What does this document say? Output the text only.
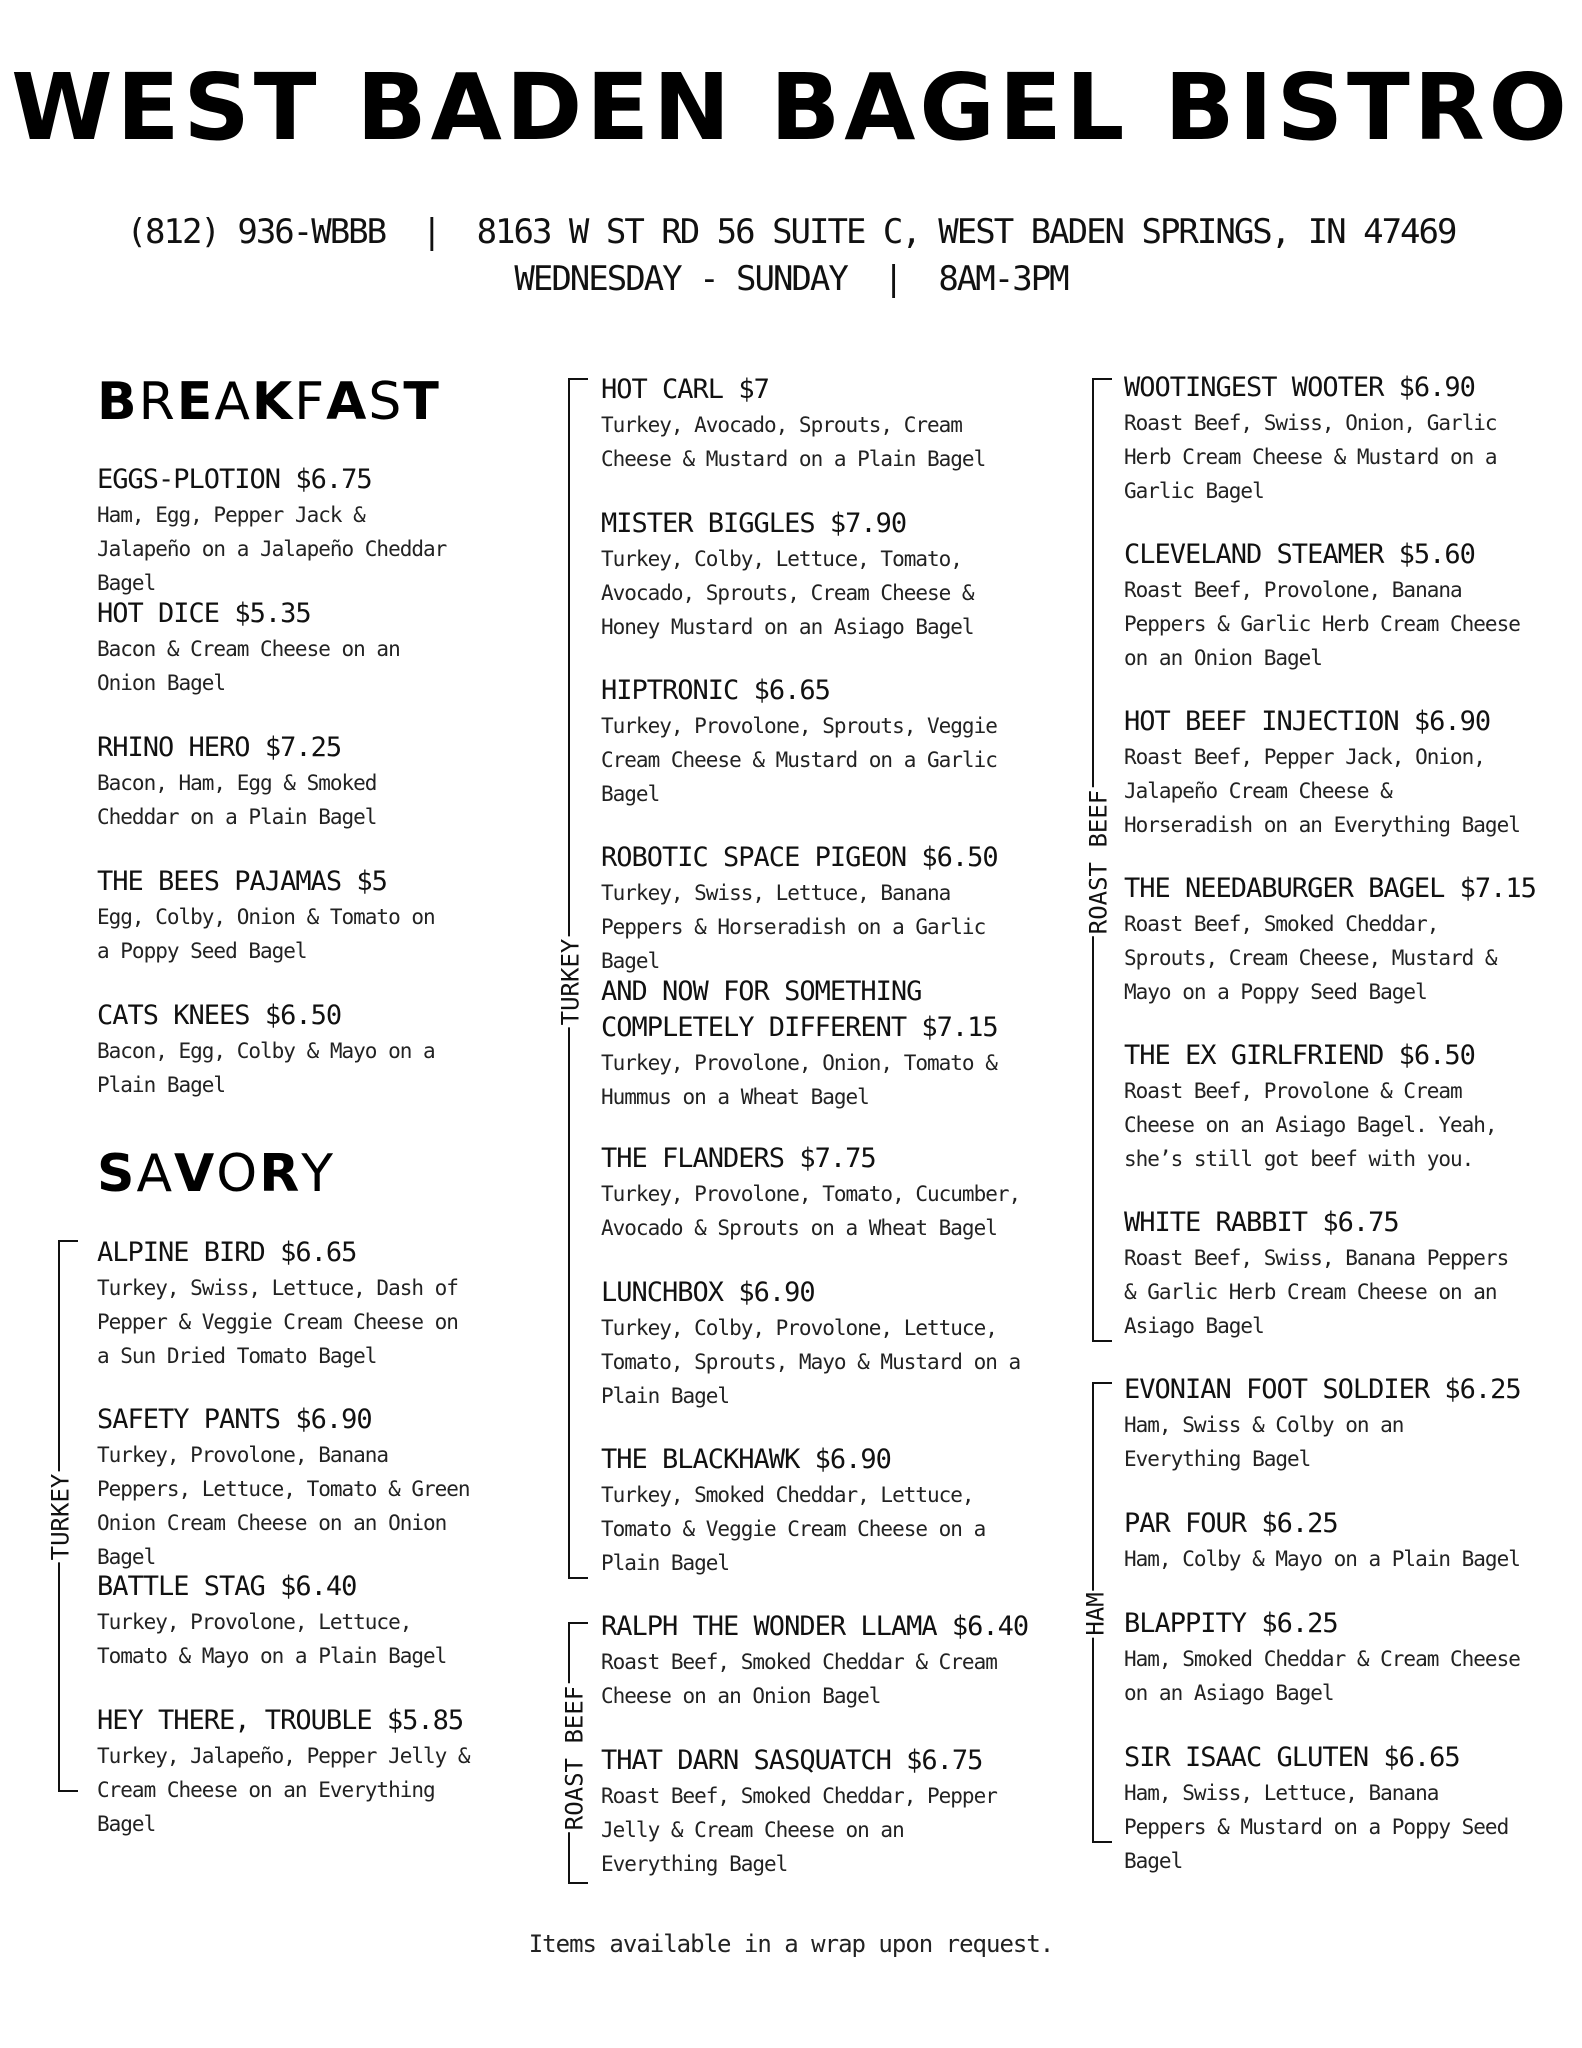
WEST BADEN BAGEL BISTRO
(812) 936-WBBB | 8163 W ST RD 56 SUITE C, WEST BADEN SPRINGS, IN 47469
WEDNESDAY - SUNDAY | 8AM-3PM
BREAKFAST
SAVORY
TURKEY
TURKEY
ROAST BEEF
ROAST BEEF
HAM
EGGS-PLOTION $6.75
Ham, Egg, Pepper Jack & Jalapeño on a Jalapeño Cheddar Bagel
HOT DICE $5.35
Bacon & Cream Cheese on an Onion Bagel
RHINO HERO $7.25
Bacon, Ham, Egg & Smoked Cheddar on a Plain Bagel
THE BEES PAJAMAS $5
Egg, Colby, Onion & Tomato on a Poppy Seed Bagel
CATS KNEES $6.50
Bacon, Egg, Colby & Mayo on a Plain Bagel
ALPINE BIRD $6.65
Turkey, Swiss, Lettuce, Dash of Pepper & Veggie Cream Cheese on a Sun Dried Tomato Bagel
SAFETY PANTS $6.90
Turkey, Provolone, Banana Peppers, Lettuce, Tomato & Green Onion Cream Cheese on an Onion Bagel
BATTLE STAG $6.40
Turkey, Provolone, Lettuce, Tomato & Mayo on a Plain Bagel
HEY THERE, TROUBLE $5.85
Turkey, Jalapeño, Pepper Jelly & Cream Cheese on an Everything Bagel
HOT CARL $7
Turkey, Avocado, Sprouts, Cream Cheese & Mustard on a Plain Bagel
MISTER BIGGLES $7.90
Turkey, Colby, Lettuce, Tomato, Avocado, Sprouts, Cream Cheese & Honey Mustard on an Asiago Bagel
HIPTRONIC $6.65
Turkey, Provolone, Sprouts, Veggie Cream Cheese & Mustard on a Garlic Bagel
ROBOTIC SPACE PIGEON $6.50
Turkey, Swiss, Lettuce, Banana Peppers & Horseradish on a Garlic Bagel
AND NOW FOR SOMETHING COMPLETELY DIFFERENT $7.15
Turkey, Provolone, Onion, Tomato & Hummus on a Wheat Bagel
THE FLANDERS $7.75
Turkey, Provolone, Tomato, Cucumber, Avocado & Sprouts on a Wheat Bagel
LUNCHBOX $6.90
Turkey, Colby, Provolone, Lettuce, Tomato, Sprouts, Mayo & Mustard on a Plain Bagel
THE BLACKHAWK $6.90
Turkey, Smoked Cheddar, Lettuce, Tomato & Veggie Cream Cheese on a Plain Bagel
RALPH THE WONDER LLAMA $6.40
Roast Beef, Smoked Cheddar & Cream Cheese on an Onion Bagel
THAT DARN SASQUATCH $6.75
Roast Beef, Smoked Cheddar, Pepper Jelly & Cream Cheese on an Everything Bagel
WOOTINGEST WOOTER $6.90
Roast Beef, Swiss, Onion, Garlic Herb Cream Cheese & Mustard on a Garlic Bagel
CLEVELAND STEAMER $5.60
Roast Beef, Provolone, Banana Peppers & Garlic Herb Cream Cheese on an Onion Bagel
HOT BEEF INJECTION $6.90
Roast Beef, Pepper Jack, Onion, Jalapeño Cream Cheese & Horseradish on an Everything Bagel
THE NEEDABURGER BAGEL $7.15
Roast Beef, Smoked Cheddar, Sprouts, Cream Cheese, Mustard & Mayo on a Poppy Seed Bagel
THE EX GIRLFRIEND $6.50
Roast Beef, Provolone & Cream Cheese on an Asiago Bagel. Yeah, she’s still got beef with you.
WHITE RABBIT $6.75
Roast Beef, Swiss, Banana Peppers & Garlic Herb Cream Cheese on an Asiago Bagel
EVONIAN FOOT SOLDIER $6.25
Ham, Swiss & Colby on an Everything Bagel
PAR FOUR $6.25
Ham, Colby & Mayo on a Plain Bagel
BLAPPITY $6.25
Ham, Smoked Cheddar & Cream Cheese on an Asiago Bagel
SIR ISAAC GLUTEN $6.65
Ham, Swiss, Lettuce, Banana Peppers & Mustard on a Poppy Seed Bagel
Items available in a wrap upon request.
